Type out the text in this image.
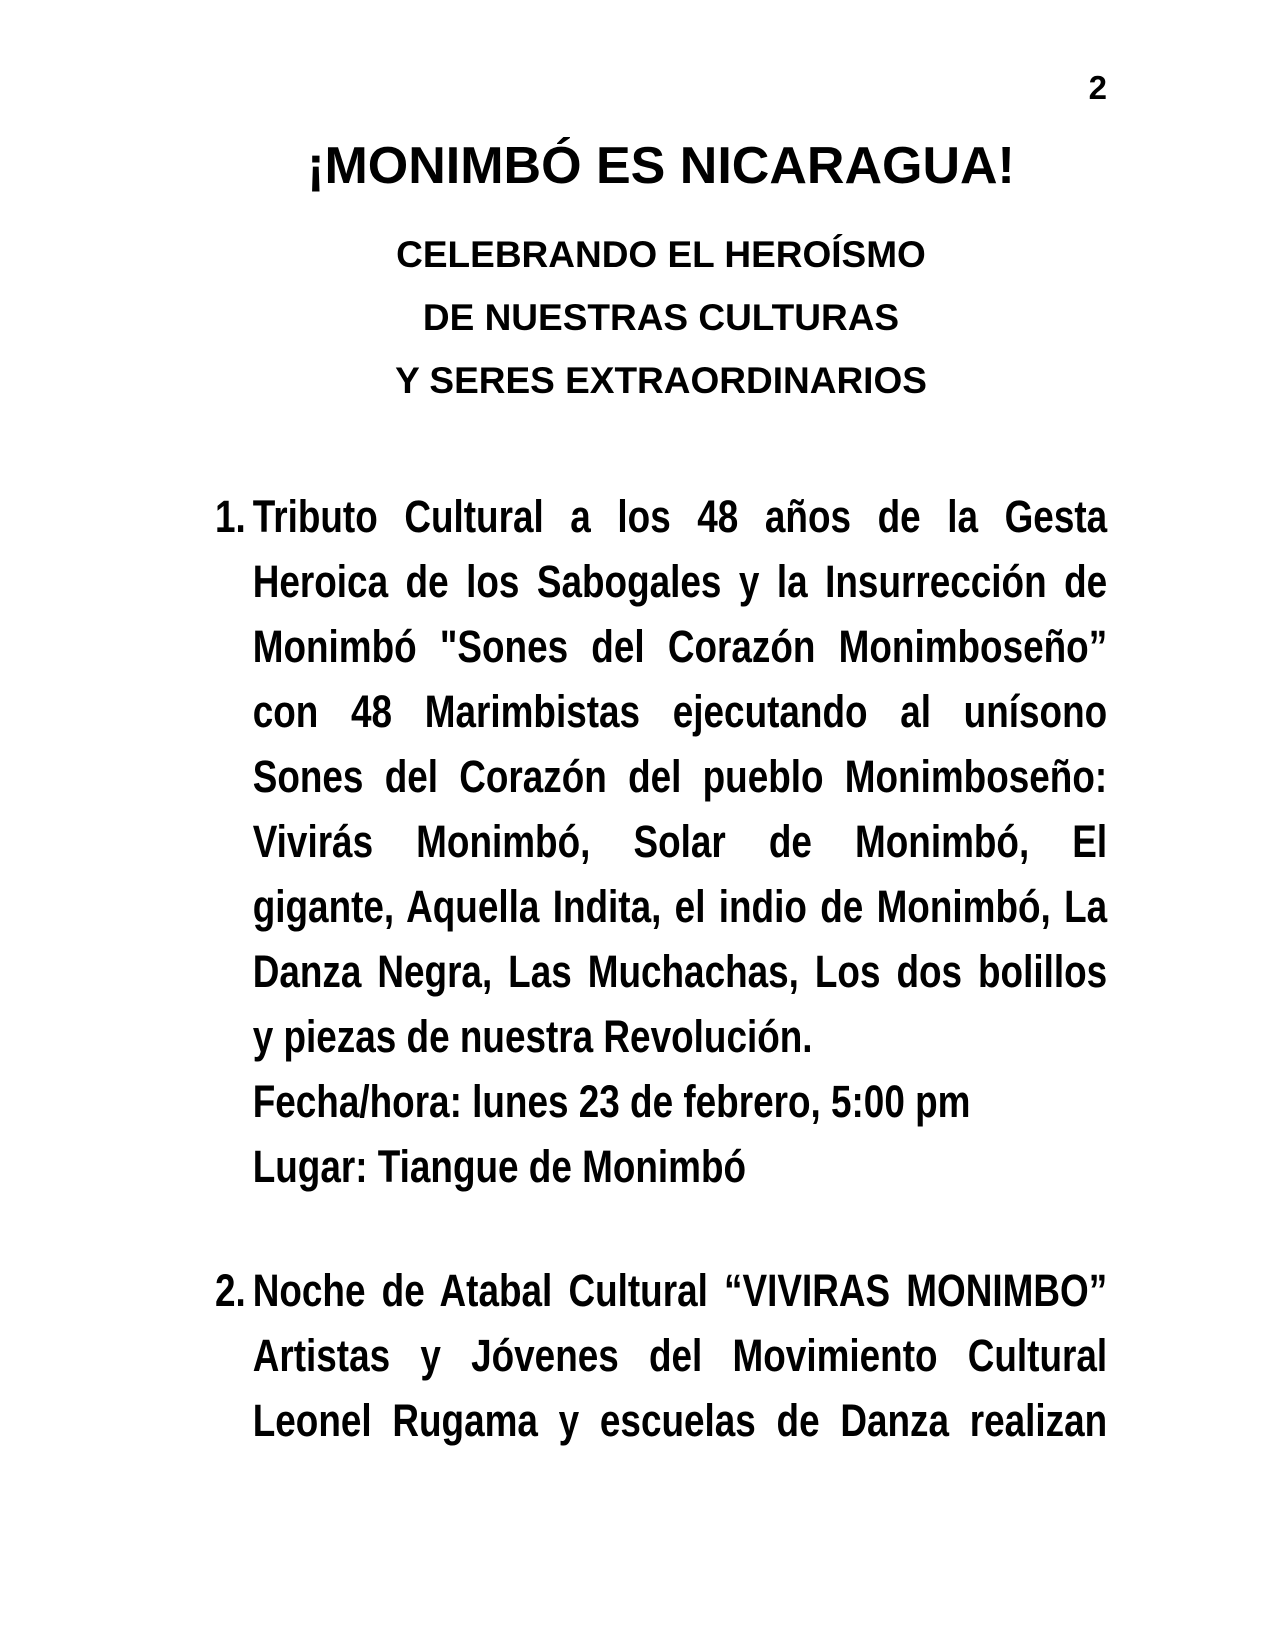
2
¡MONIMBÓ ES NICARAGUA!
CELEBRANDO EL HEROÍSMO
DE NUESTRAS CULTURAS
Y SERES EXTRAORDINARIOS
1. Tributo Cultural a los 48 años de la Gesta
Heroica de los Sabogales y la Insurrección de
Monimbó "Sones del Corazón Monimboseño”
con 48 Marimbistas ejecutando al unísono
Sones del Corazón del pueblo Monimboseño:
Vivirás Monimbó, Solar de Monimbó, El
gigante, Aquella Indita, el indio de Monimbó, La
Danza Negra, Las Muchachas, Los dos bolillos
y piezas de nuestra Revolución.
Fecha/hora: lunes 23 de febrero, 5:00 pm
Lugar: Tiangue de Monimbó
2. Noche de Atabal Cultural “VIVIRAS MONIMBO”
Artistas y Jóvenes del Movimiento Cultural
Leonel Rugama y escuelas de Danza realizan
